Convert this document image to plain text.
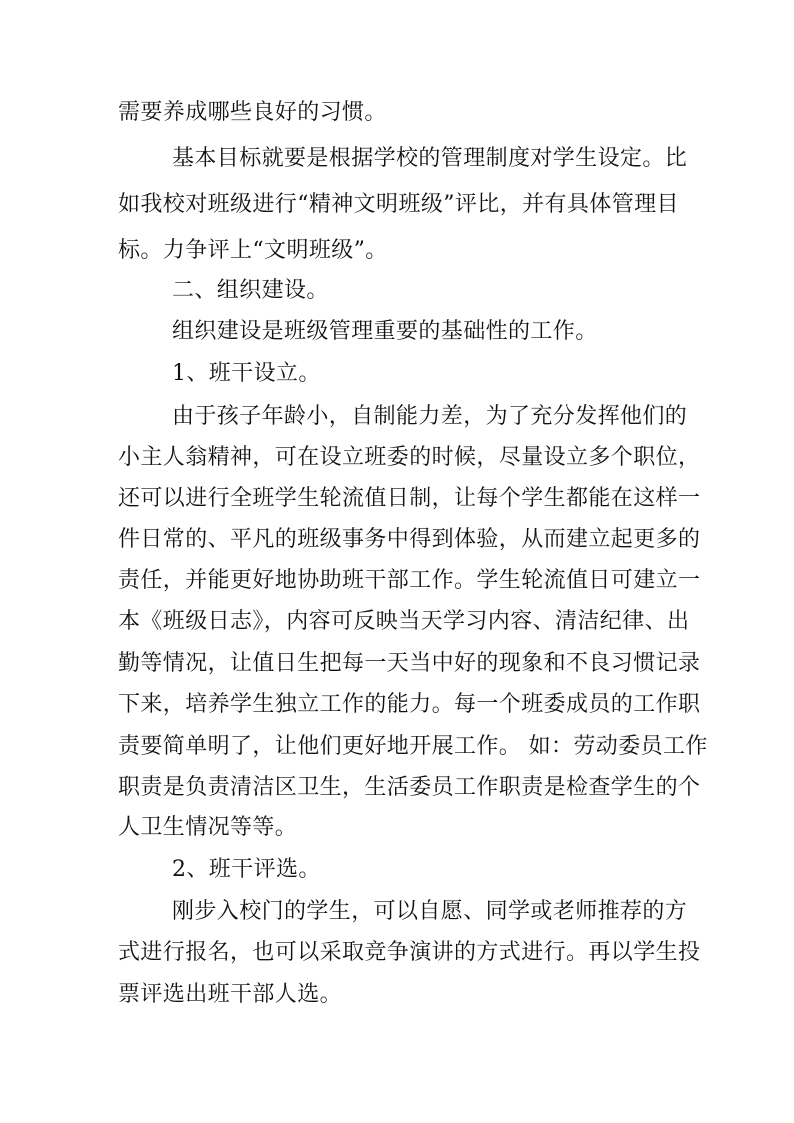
需要养成哪些良好的习惯。
基本目标就要是根据学校的管理制度对学生设定。比
如我校对班级进行“精神文明班级”评比，并有具体管理目
标。力争评上“文明班级”。
二、组织建设。
组织建设是班级管理重要的基础性的工作。
1、班干设立。
由于孩子年龄小，自制能力差，为了充分发挥他们的
小主人翁精神，可在设立班委的时候，尽量设立多个职位，
还可以进行全班学生轮流值日制，让每个学生都能在这样一
件日常的、平凡的班级事务中得到体验，从而建立起更多的
责任，并能更好地协助班干部工作。学生轮流值日可建立一
本《班级日志》，内容可反映当天学习内容、清洁纪律、出
勤等情况，让值日生把每一天当中好的现象和不良习惯记录
下来，培养学生独立工作的能力。每一个班委成员的工作职
责要简单明了，让他们更好地开展工作。 如：劳动委员工作
职责是负责清洁区卫生，生活委员工作职责是检查学生的个
人卫生情况等等。
2、班干评选。
刚步入校门的学生，可以自愿、同学或老师推荐的方
式进行报名，也可以采取竞争演讲的方式进行。再以学生投
票评选出班干部人选。
